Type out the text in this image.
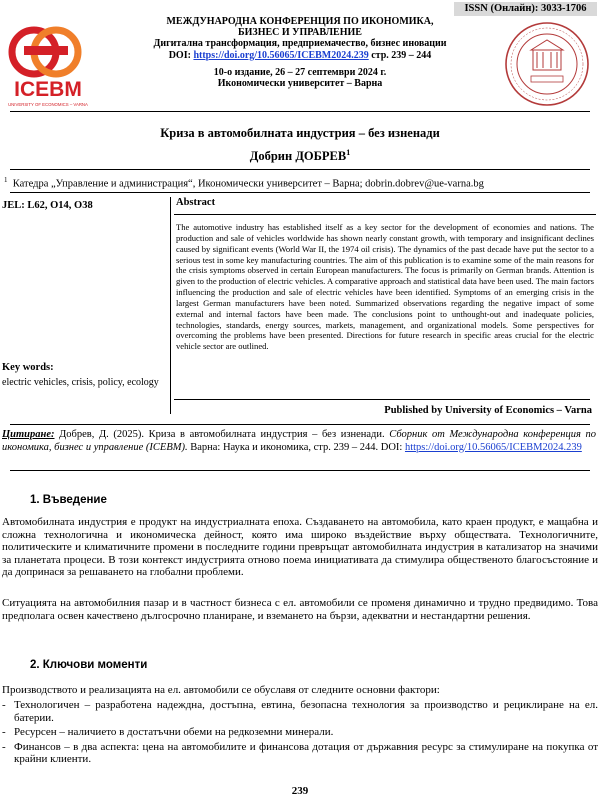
ISSN (Онлайн): 3033-1706
ICEBM
UNIVERSITY OF ECONOMICS – VARNA
МЕЖДУНАРОДНА КОНФЕРЕНЦИЯ ПО ИКОНОМИКА,
БИЗНЕС И УПРАВЛЕНИЕ
Дигитална трансформация, предприемачество, бизнес иновации
DOI: https://doi.org/10.56065/ICEBM2024.239 стр. 239 – 244
10-о издание, 26 – 27 септември 2024 г.
Икономически университет – Варна
Криза в автомобилната индустрия – без изненади
Добрин ДОБРЕВ$^1$
$^1$ Катедра „Управление и администрация“, Икономически университет – Варна; dobrin.dobrev@ue-varna.bg
JEL: L62, O14, O38	Abstract
The automotive industry has established itself as a key sector for the development of economies and nations. The production and sale of vehicles worldwide has shown nearly constant growth, with temporary and insignificant declines caused by significant events (World War II, the 1974 oil crisis). The dynamics of the past decade have put the sector to a serious test in some key manufacturing countries. The aim of this publication is to examine some of the main reasons for the crisis symptoms observed in certain European manufacturers. The focus is primarily on German brands. Attention is given to the production of electric vehicles. A comparative approach and statistical data have been used. The main factors influencing the production and sale of electric vehicles have been identified. Symptoms of an emerging crisis in the largest German manufacturers have been noted. Summarized observations regarding the negative impact of some external and internal factors have been made. The conclusions point to unthought-out and inadequate policies, technologies, standards, energy sources, markets, management, and organizational models. Some perspectives for overcoming the problems have been presented. Directions for future research in specific areas crucial for the electric vehicle sector are outlined.
Key words:
electric vehicles, crisis, policy, ecology
Published by University of Economics – Varna
Цитиране: Добрев, Д. (2025). Криза в автомобилната индустрия – без изненади. Сборник от Международна конференция по икономика, бизнес и управление (ICEBM). Варна: Наука и икономика, стр. 239 – 244. DOI: https://doi.org/10.56065/ICEBM2024.239
1. Въведение
Автомобилната индустрия е продукт на индустриалната епоха. Създаването на автомобила, като краен продукт, е мащабна и сложна технологична и икономическа дейност, която има широко въздействие върху обществата. Технологичните, политическите и климатичните промени в последните години превръщат автомобилната индустрия в катализатор на значими за планетата процеси. В този контекст индустрията отново поема инициативата да стимулира общественото благосъстояние и да допринася за решаването на глобални проблеми.
Ситуацията на автомобилния пазар и в частност бизнеса с ел. автомобили се променя динамично и трудно предвидимо. Това предполага освен качествено дългосрочно планиране, и вземането на бързи, адекватни и нестандартни решения.
2. Ключови моменти
Производството и реализацията на ел. автомобили се обуславя от следните основни фактори:
- Технологичен – разработена надеждна, достъпна, евтина, безопасна технология за производство и рециклиране на ел. батерии.
- Ресурсен – наличието в достатъчни обеми на редкоземни минерали.
- Финансов – в два аспекта: цена на автомобилите и финансова дотация от държавния ресурс за стимулиране на покупка от крайни клиенти.
239
